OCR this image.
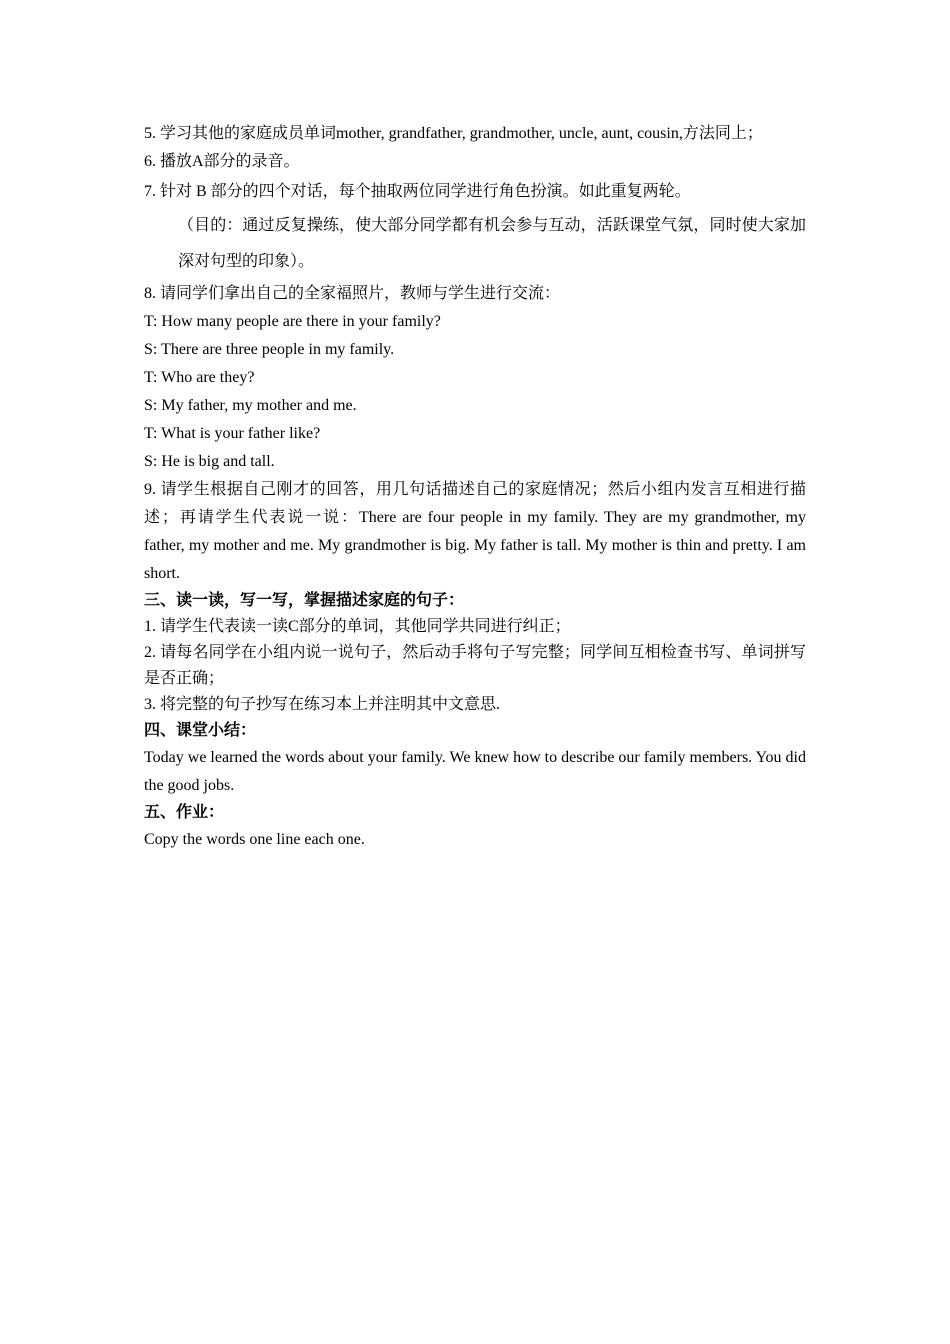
5. 学习其他的家庭成员单词mother, grandfather, grandmother, uncle, aunt, cousin,方法同上；

6. 播放A部分的录音。

7. 针对 B 部分的四个对话，每个抽取两位同学进行角色扮演。如此重复两轮。

（目的：通过反复操练，使大部分同学都有机会参与互动，活跃课堂气氛，同时使大家加深对句型的印象）。

8. 请同学们拿出自己的全家福照片，教师与学生进行交流：

T: How many people are there in your family?

S: There are three people in my family.

T: Who are they?

S: My father, my mother and me.

T: What is your father like?

S: He is big and tall.

9. 请学生根据自己刚才的回答，用几句话描述自己的家庭情况；然后小组内发言互相进行描述；再请学生代表说一说：There are four people in my family. They are my grandmother, my father, my mother and me. My grandmother is big. My father is tall. My mother is thin and pretty. I am short.

三、读一读，写一写，掌握描述家庭的句子：

1. 请学生代表读一读C部分的单词，其他同学共同进行纠正；

2. 请每名同学在小组内说一说句子，然后动手将句子写完整；同学间互相检查书写、单词拼写是否正确；

3. 将完整的句子抄写在练习本上并注明其中文意思.

四、课堂小结：

Today we learned the words about your family. We knew how to describe our family members. You did the good jobs.

五、作业：

Copy the words one line each one.
